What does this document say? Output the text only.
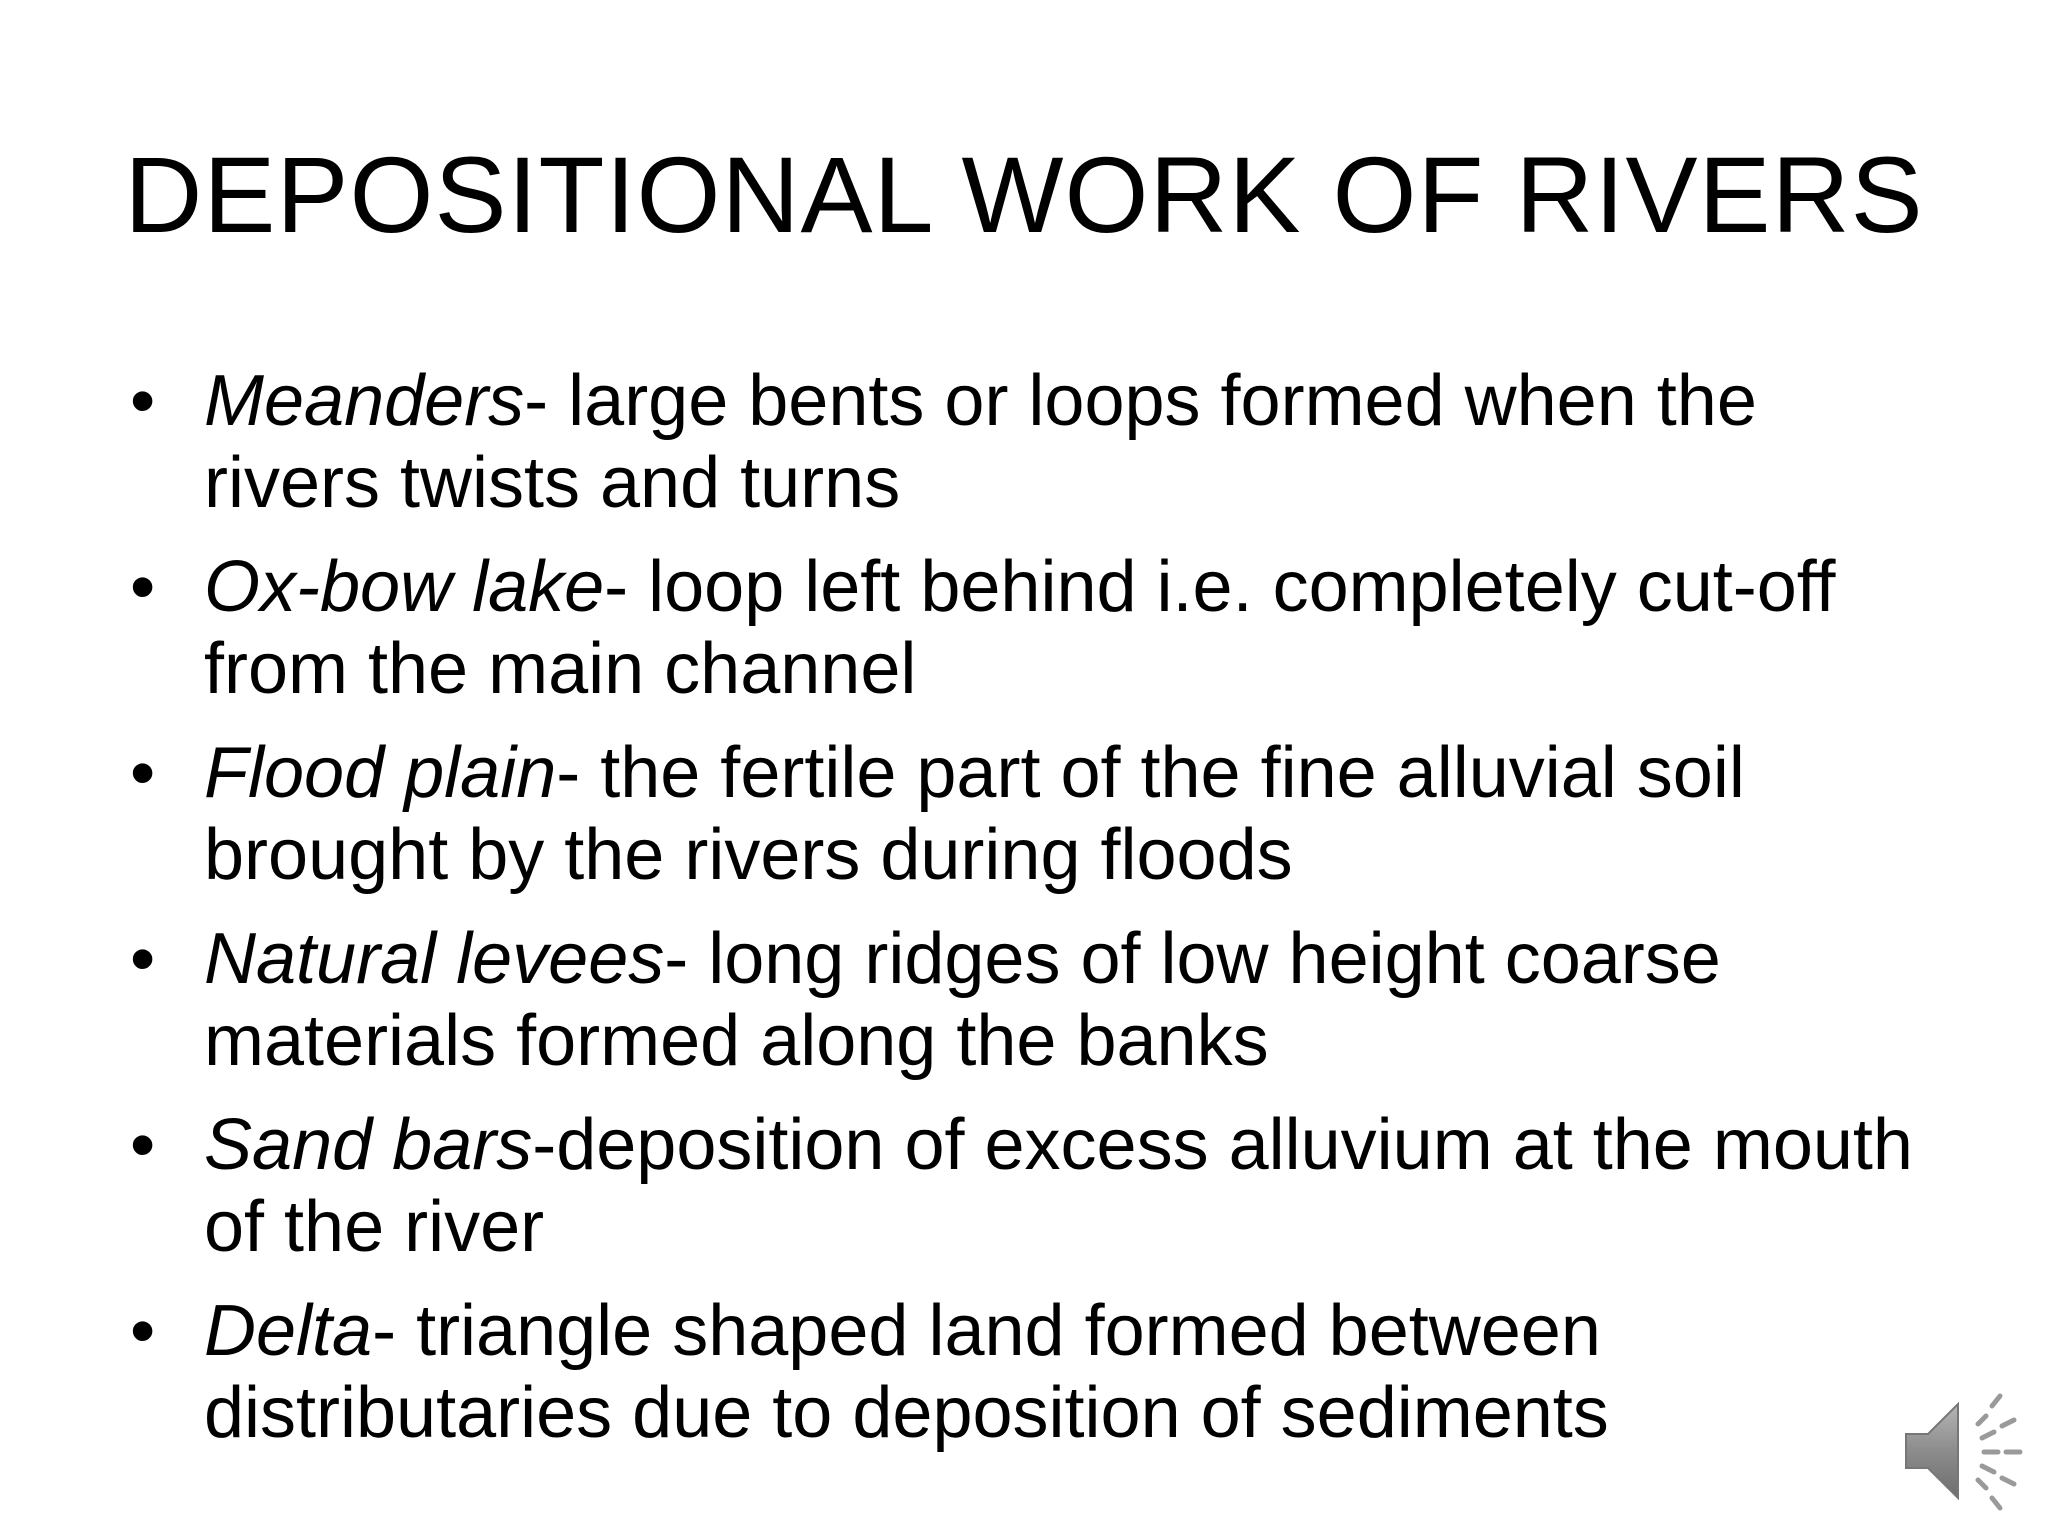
DEPOSITIONAL WORK OF RIVERS
• Meanders- large bents or loops formed when the rivers twists and turns
• Ox-bow lake- loop left behind i.e. completely cut-off from the main channel
• Flood plain- the fertile part of the fine alluvial soil brought by the rivers during floods
• Natural levees- long ridges of low height coarse materials formed along the banks
• Sand bars-deposition of excess alluvium at the mouth of the river
• Delta- triangle shaped land formed between distributaries due to deposition of sediments
